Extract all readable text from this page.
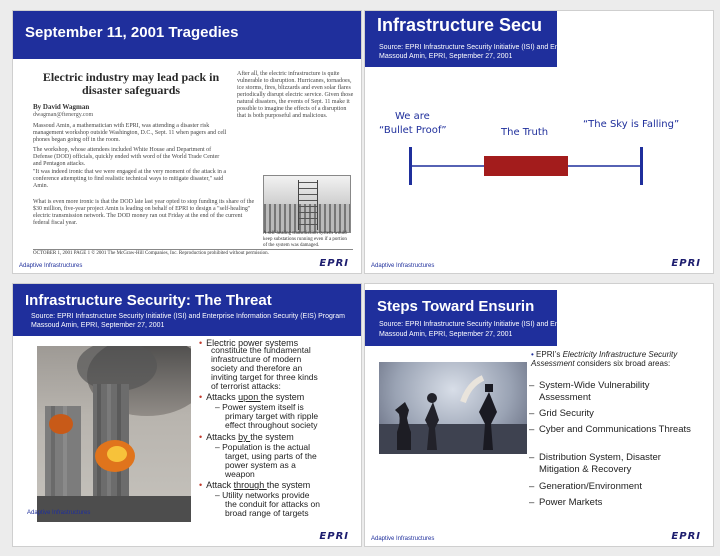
September 11, 2001 Tragedies
Electric industry may lead pack in disaster safeguards
By David Wagman
dwagman@ftenergy.com
Massoud Amin, a mathematician with EPRI, was attending a disaster risk management workshop outside Washington, D.C., Sept. 11 when pagers and cell phones began going off in the room.
The workshop, whose attendees included White House and Department of Defense (DOD) officials, quickly ended with word of the World Trade Center and Pentagon attacks.
"It was indeed ironic that we were engaged at the very moment of the attack in a conference attempting to find realistic technical ways to mitigate disaster," said Amin.
What is even more ironic is that the DOD late last year opted to stop funding its share of the $30 million, five-year project Amin is leading on behalf of EPRI to design a "self-healing" electric transmission network. The DOD money ran out Friday at the end of the current federal fiscal year.
After all, the electric infrastructure is quite vulnerable to disruption. Hurricanes, tornadoes, ice storms, fires, blizzards and even solar flares periodically disrupt electric service. Given those natural disasters, the events of Sept. 11 make it possible to imagine the effects of a disruption that is both purposeful and malicious.
A self-healing transmission system would keep substations running even if a portion of the system was damaged.
OCTOBER 1, 2001 PAGE 1 © 2001 The McGraw-Hill Companies, Inc. Reproduction prohibited without permission.
Adaptive Infrastructures	EPRI
Infrastructure Secu
Source: EPRI Infrastructure Security Initiative (ISI) and Ente
Massoud Amin, EPRI, September 27, 2001
We are
“Bullet Proof”	The Truth
“The Sky is Falling”
Adaptive Infrastructures	EPRI
Infrastructure Security: The Threat
Source: EPRI Infrastructure Security Initiative (ISI) and Enterprise Information Security (EIS) Program
Massoud Amin, EPRI, September 27, 2001
• Electric power systems
constitute the fundamental
infrastructure of modern
society and therefore an
inviting target for three kinds
of terrorist attacks:
• Attacks upon the system
– Power system itself is
primary target with ripple
effect throughout society
• Attacks by the system
– Population is the actual
target, using parts of the
power system as a
weapon
• Attack through the system
– Utility networks provide
the conduit for attacks on
broad range of targets
Adaptive Infrastructures
EPRI
Steps Toward Ensurin
Source: EPRI Infrastructure Security Initiative (ISI) and Ente
Massoud Amin, EPRI, September 27, 2001
• EPRI’s Electricity Infrastructure Security Assessment considers six broad areas:
– System-Wide Vulnerability Assessment
– Grid Security
– Cyber and Communications Threats
– Distribution System, Disaster Mitigation & Recovery
– Generation/Environment
– Power Markets
Adaptive Infrastructures	EPRI
